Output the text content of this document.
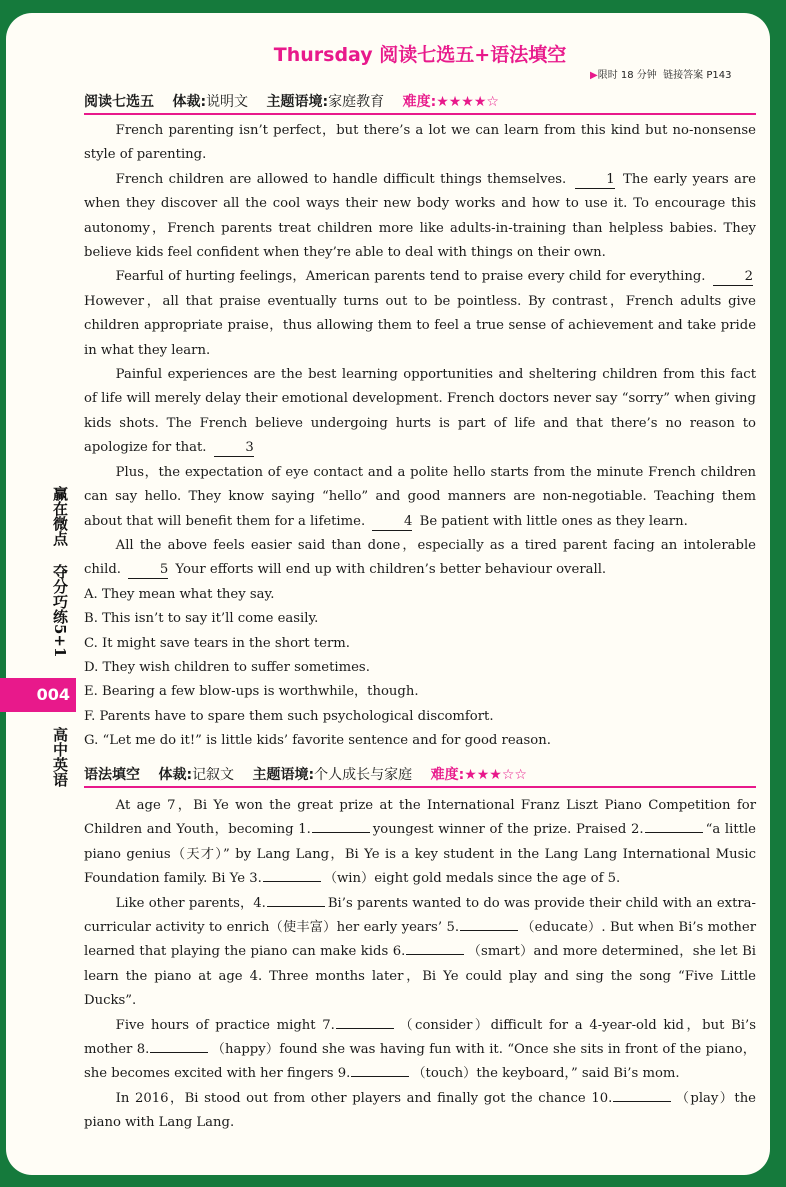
Thursday 阅读七选五+语法填空
▶限时 18 分钟 链接答案 P143
阅读七选五 体裁:说明文 主题语境:家庭教育 难度:★★★★☆

French parenting isn’t perfect，but there’s a lot we can learn from this kind but no-nonsense style of parenting.

French children are allowed to handle difficult things themselves.	1 The early years are when they discover all the cool ways their new body works and how to use it. To encourage this autonomy，French parents treat children more like adults-in-training than helpless babies. They believe kids feel confident when they’re able to deal with things on their own.

Fearful of hurting feelings，American parents tend to praise every child for everything.	2 However，all that praise eventually turns out to be pointless. By contrast，French adults give children appropriate praise，thus allowing them to feel a true sense of achievement and take pride in what they learn.

Painful experiences are the best learning opportunities and sheltering children from this fact of life will merely delay their emotional development. French doctors never say “sorry” when giving kids shots. The French believe undergoing hurts is part of life and that there’s no reason to apologize for that.	3

Plus，the expectation of eye contact and a polite hello starts from the minute French children can say hello. They know saying “hello” and good manners are non-negotiable. Teaching them about that will benefit them for a lifetime.	4 Be patient with little ones as they learn.

All the above feels easier said than done，especially as a tired parent facing an intolerable child.	5 Your efforts will end up with children’s better behaviour overall.

A. They mean what they say.

B. This isn’t to say it’ll come easily.

C. It might save tears in the short term.

D. They wish children to suffer sometimes.

E. Bearing a few blow-ups is worthwhile，though.

F. Parents have to spare them such psychological discomfort.

G. “Let me do it!” is little kids’ favorite sentence and for good reason.

语法填空 体裁:记叙文 主题语境:个人成长与家庭 难度:★★★☆☆

At age 7，Bi Ye won the great prize at the International Franz Liszt Piano Competition for Children and Youth，becoming 1.	youngest winner of the prize. Praised 2.	“a little piano genius（天才）” by Lang Lang，Bi Ye is a key student in the Lang Lang International Music Foundation family. Bi Ye 3.	（win）eight gold medals since the age of 5.

Like other parents，4.	Bi’s parents wanted to do was provide their child with an extra-curricular activity to enrich（使丰富）her early years’ 5.	（educate）. But when Bi’s mother learned that playing the piano can make kids 6.	（smart）and more determined，she let Bi learn the piano at age 4. Three months later，Bi Ye could play and sing the song “Five Little Ducks”.

Five hours of practice might 7.	（consider）difficult for a 4-year-old kid，but Bi’s mother 8.	（happy）found she was having fun with it. “Once she sits in front of the piano，she becomes excited with her fingers 9.	（touch）the keyboard，” said Bi’s mom.

In 2016，Bi stood out from other players and finally got the chance 10.	（play）the piano with Lang Lang.

赢在微点
夺分巧练5+1
004
高中英语
